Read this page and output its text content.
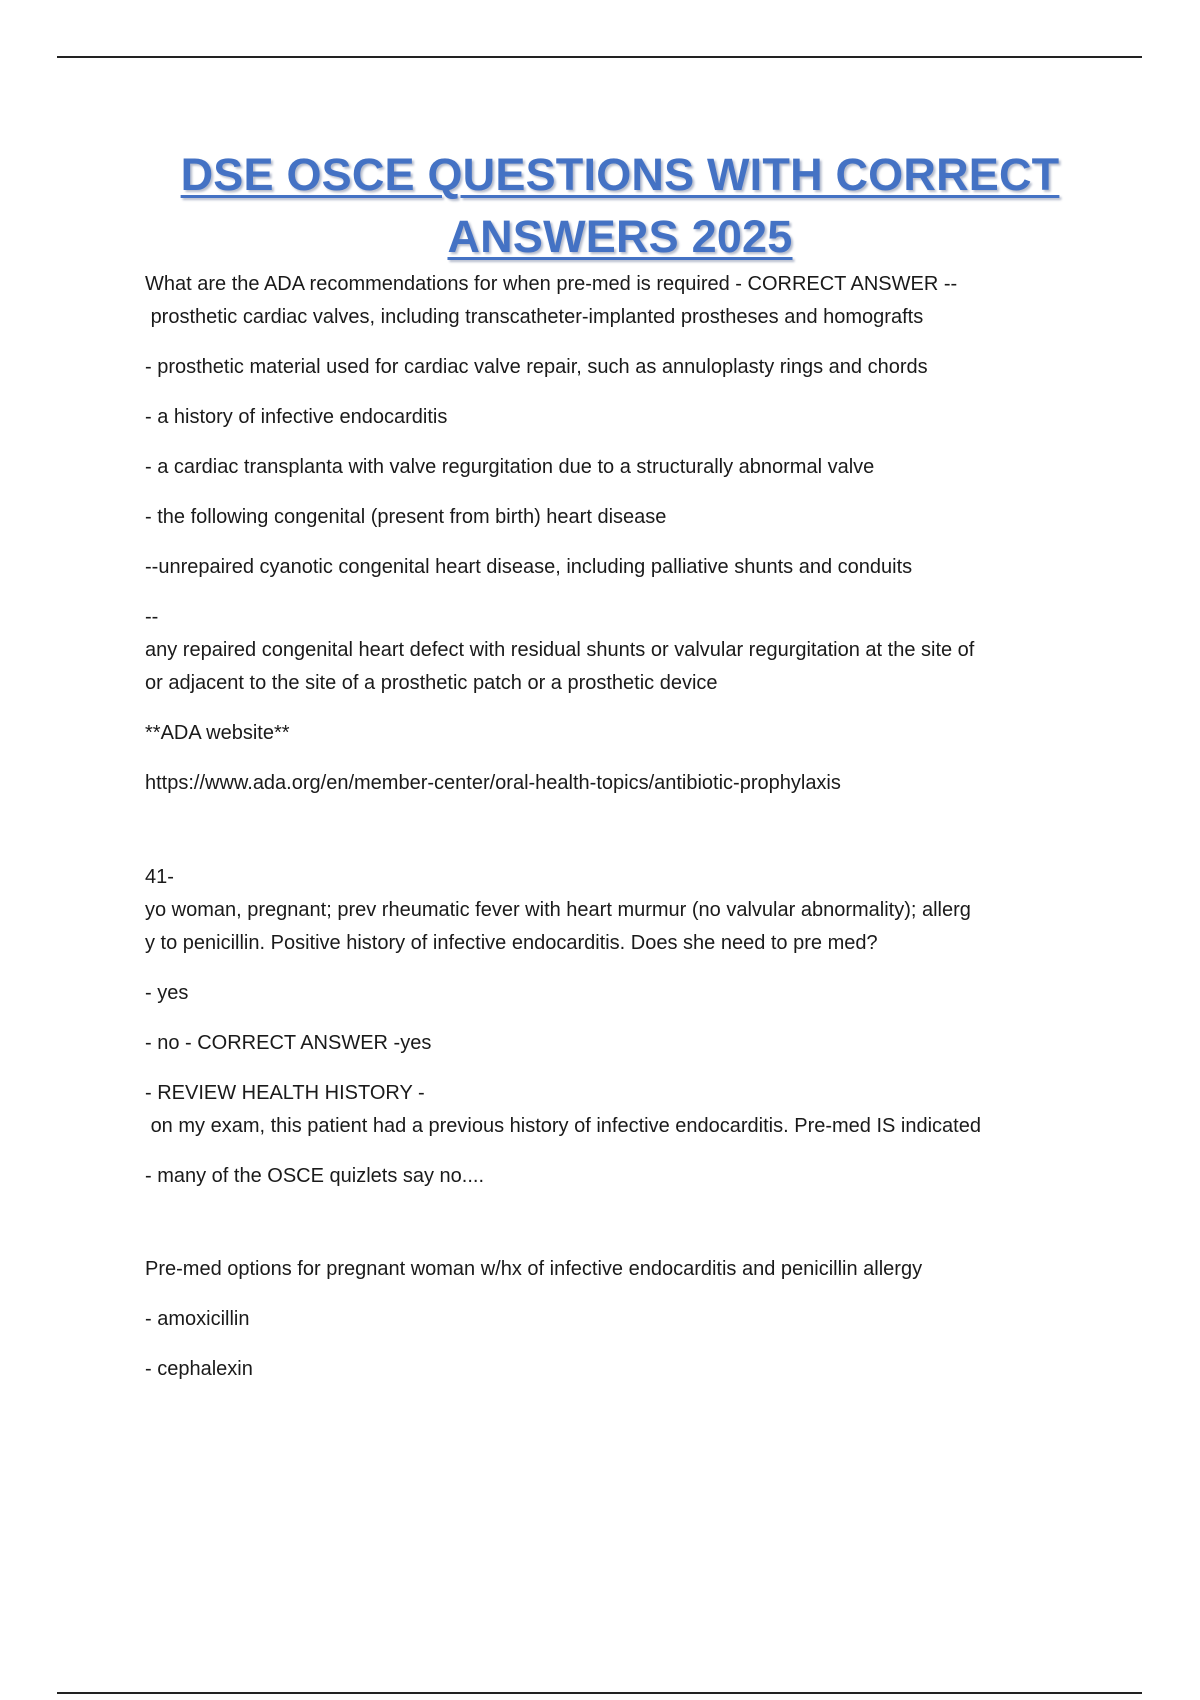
DSE OSCE QUESTIONS WITH CORRECT
ANSWERS 2025

What are the ADA recommendations for when pre-med is required - CORRECT ANSWER --

prosthetic cardiac valves, including transcatheter-implanted prostheses and homografts

- prosthetic material used for cardiac valve repair, such as annuloplasty rings and chords

- a history of infective endocarditis

- a cardiac transplanta with valve regurgitation due to a structurally abnormal valve

- the following congenital (present from birth) heart disease

--unrepaired cyanotic congenital heart disease, including palliative shunts and conduits

--

any repaired congenital heart defect with residual shunts or valvular regurgitation at the site of

or adjacent to the site of a prosthetic patch or a prosthetic device

**ADA website**

https://www.ada.org/en/member-center/oral-health-topics/antibiotic-prophylaxis

41-

yo woman, pregnant; prev rheumatic fever with heart murmur (no valvular abnormality); allerg

y to penicillin. Positive history of infective endocarditis. Does she need to pre med?

- yes

- no - CORRECT ANSWER -yes

- REVIEW HEALTH HISTORY -

on my exam, this patient had a previous history of infective endocarditis. Pre-med IS indicated

- many of the OSCE quizlets say no....

Pre-med options for pregnant woman w/hx of infective endocarditis and penicillin allergy

- amoxicillin

- cephalexin
